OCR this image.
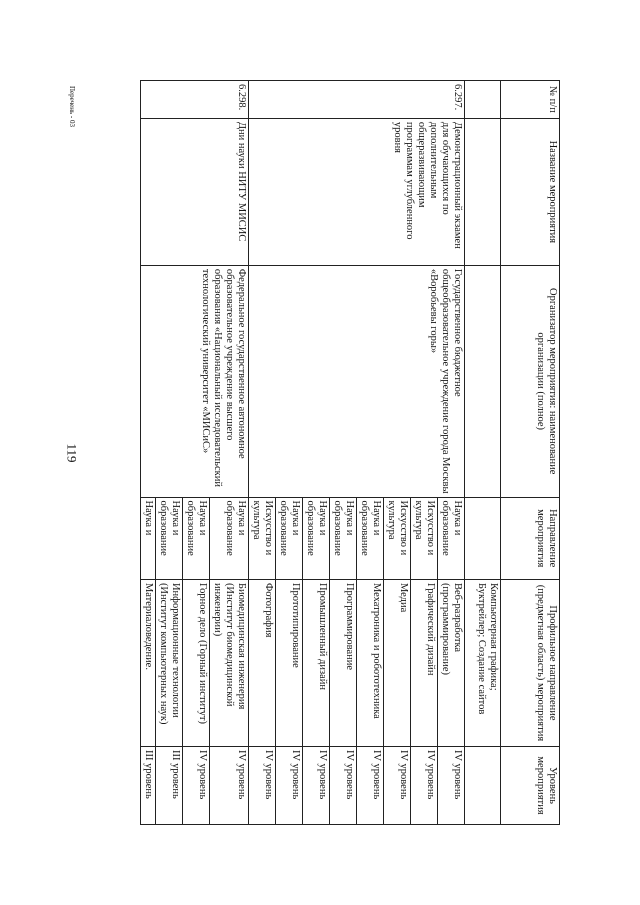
119
№ п/п	Название мероприятия	Организатор мероприятия: наименование организации (полное)	Направление мероприятия	Профильное направление (предметная область) мероприятия	Уровень мероприятия
				Компьютерная графика; Буктрейлер; Создание сайтов	
6.297.	Демонстрационный экзамен для обучающихся по дополнительным общеразвивающим программам углубленного уровня	Государственное бюджетное общеобразовательное учреждение города Москвы «Воробьевы горы»	Наука и образование	Веб-разработка (программирование)	IV уровень
			Искусство и культура	Графический дизайн	IV уровень
			Искусство и культура	Медиа	IV уровень
			Наука и образование	Мехатроника и робототехника	IV уровень
			Наука и образование	Программирование	IV уровень
			Наука и образование	Промышленный дизайн	IV уровень
			Наука и образование	Прототипирование	IV уровень
			Искусство и культура	Фотография	IV уровень
6.298.	Дни науки НИТУ МИСИС	Федеральное государственное автономное образовательное учреждение высшего образования «Национальный исследовательский технологический университет «МИСиС»	Наука и образование	Биомедицинская инженерия (Институт биомедицинской инженерии)	IV уровень
			Наука и образование	Горное дело (Горный институт)	IV уровень
			Наука и образование	Информационные технологии (Институт компьютерных наук)	III уровень
			Наука и	Материаловедение.	III уровень
Перечень - 03
